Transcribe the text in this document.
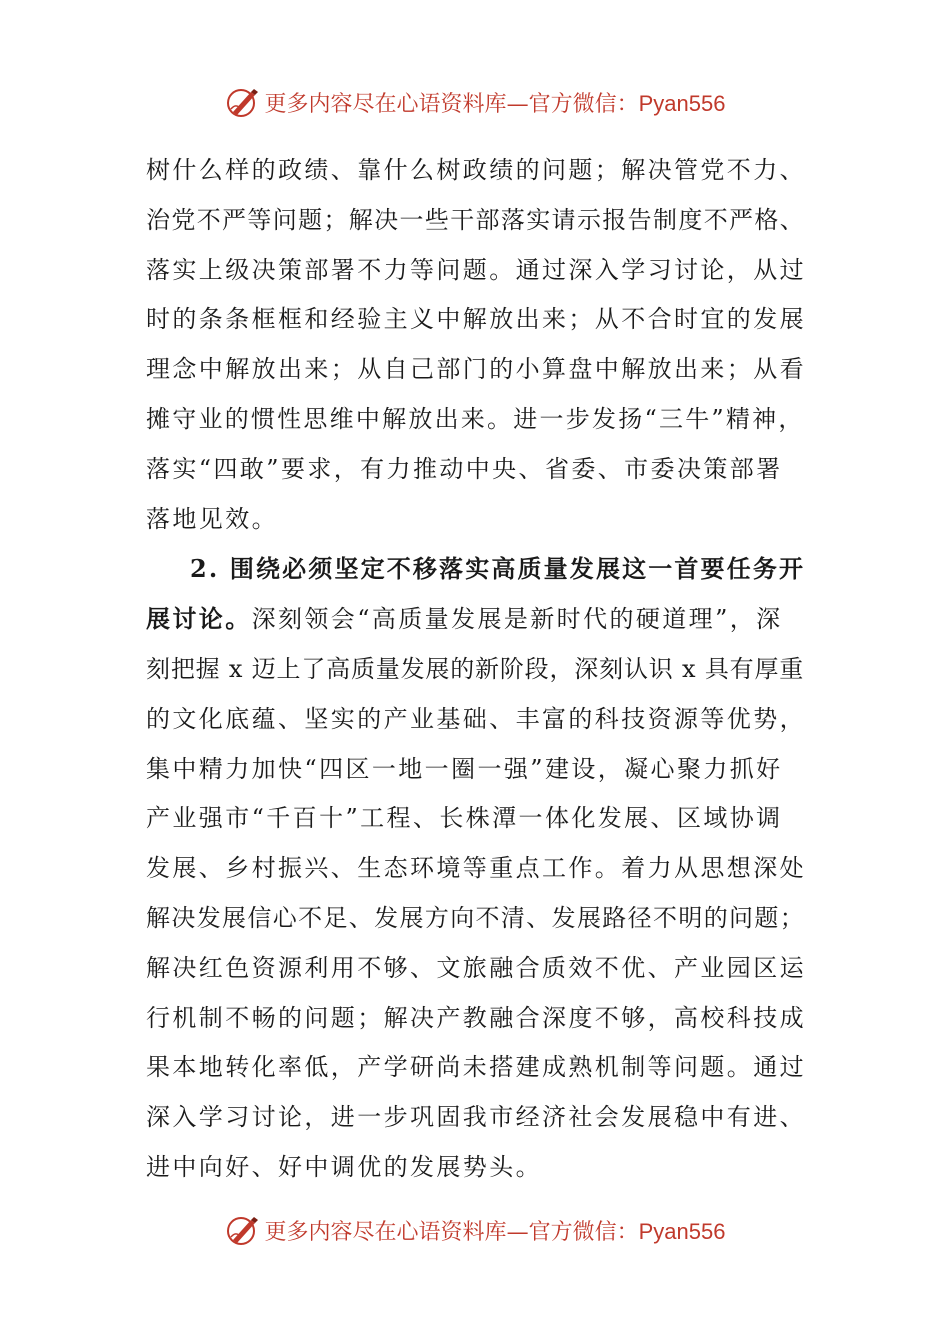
更多内容尽在心语资料库—官方微信：Pyan556

树什么样的政绩、靠什么树政绩的问题；解决管党不力、
治党不严等问题；解决一些干部落实请示报告制度不严格、
落实上级决策部署不力等问题。通过深入学习讨论，从过
时的条条框框和经验主义中解放出来；从不合时宜的发展
理念中解放出来；从自己部门的小算盘中解放出来；从看
摊守业的惯性思维中解放出来。进一步发扬“三牛”精神，
落实“四敢”要求，有力推动中央、省委、市委决策部署
落地见效。

2. 围绕必须坚定不移落实高质量发展这一首要任务开
展讨论。深刻领会“高质量发展是新时代的硬道理”，深
刻把握 x 迈上了高质量发展的新阶段，深刻认识 x 具有厚重
的文化底蕴、坚实的产业基础、丰富的科技资源等优势，
集中精力加快“四区一地一圈一强”建设，凝心聚力抓好
产业强市“千百十”工程、长株潭一体化发展、区域协调
发展、乡村振兴、生态环境等重点工作。着力从思想深处
解决发展信心不足、发展方向不清、发展路径不明的问题；
解决红色资源利用不够、文旅融合质效不优、产业园区运
行机制不畅的问题；解决产教融合深度不够，高校科技成
果本地转化率低，产学研尚未搭建成熟机制等问题。通过
深入学习讨论，进一步巩固我市经济社会发展稳中有进、
进中向好、好中调优的发展势头。

更多内容尽在心语资料库—官方微信：Pyan556
